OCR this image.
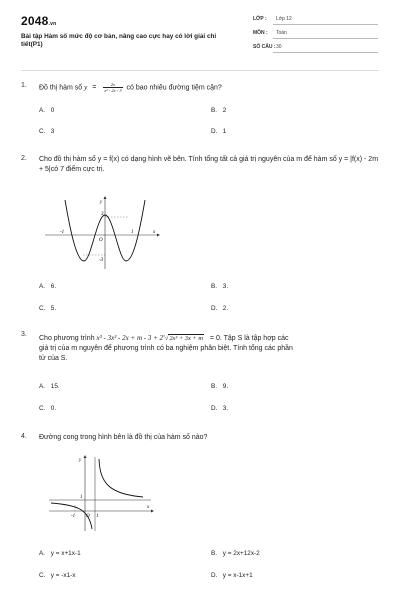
2048.vn
Bài tập Hàm số mức độ cơ bản, nâng cao cực hay có lời giải chi tiết(P1)
LỚP :	Lớp 12
MÔN :	Toán
SỐ CÂU : 30
1. Đồ thị hàm số $y = \frac{2x}{\text{x² - 2x - 3}}$ có bao nhiêu đường tiệm cận?
A. 0	B. 2
C. 3	D. 1
2. Cho đồ thị hàm số y = f(x) có dạng hình vẽ bên. Tính tổng tất cả giá trị nguyên của m để hàm số y = |f(x) - 2m + 5|có 7 điểm cực trị.
y
x
O
3
-3
-1	1
A. 6.	B. 3.
C. 5.	D. 2.
3.
Cho phương trình $x^3 - 3x^2 - 2x + m - 3 + 2^3√2x^3 + 3x + m = 0$. Tập S là tập hợp các
giá trị của m nguyên để phương trình có ba nghiệm phân biệt. Tính tổng các phần
tử của S.
A. 15.	B. 9.
C. 0.	D. 3.
4. Đường cong trong hình bên là đồ thị của hàm số nào?
y
x
O
1
-1	1
A. y = x+1x-1	B. y = 2x+12x-2
C. y = -x1-x	D. y = x-1x+1
